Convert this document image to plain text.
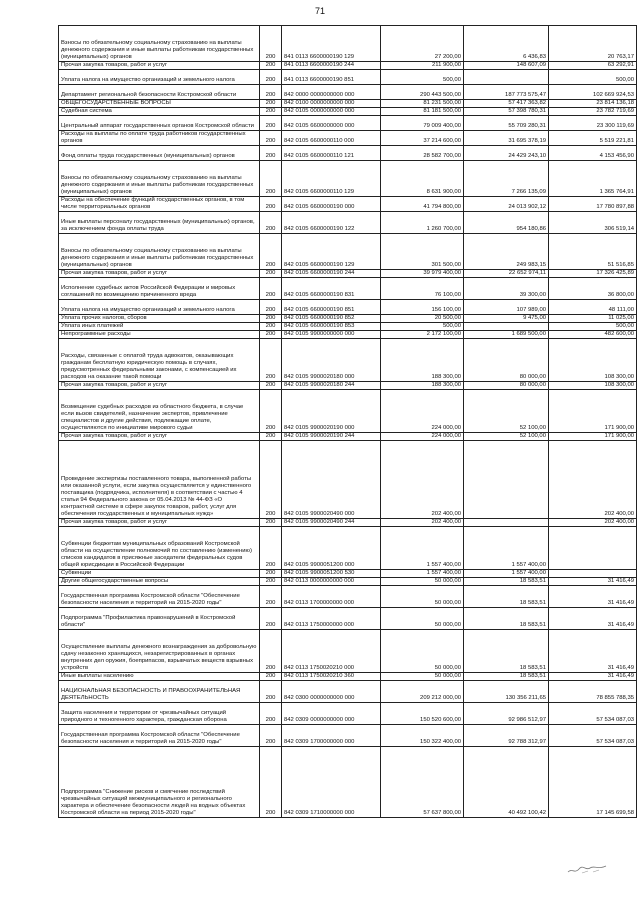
71
Взносы по обязательному социальному страхованию на выплаты денежного содержания и иные выплаты работникам государственных (муниципальных) органов	200	841 0113 6600000190 129	27 200,00	6 436,83	20 763,17
Прочая закупка товаров, работ и услуг	200	841 0113 6600000190 244	211 900,00	148 607,09	63 292,91
Уплата налога на имущество организаций и земельного налога	200	841 0113 6600000190 851	500,00		500,00
Департамент региональной безопасности Костромской области	200	842 0000 0000000000 000	290 443 500,00	187 773 575,47	102 669 924,53
ОБЩЕГОСУДАРСТВЕННЫЕ ВОПРОСЫ	200	842 0100 0000000000 000	81 231 500,00	57 417 363,82	23 814 136,18
Судебная система	200	842 0105 0000000000 000	81 181 500,00	57 398 780,31	23 782 719,69
Центральный аппарат государственных органов Костромской области	200	842 0105 6600000000 000	79 009 400,00	55 709 280,31	23 300 119,69
Расходы на выплаты по оплате труда работников государственных органов	200	842 0105 6600000110 000	37 214 600,00	31 695 378,19	5 519 221,81
Фонд оплаты труда государственных (муниципальных) органов	200	842 0105 6600000110 121	28 582 700,00	24 429 243,10	4 153 456,90
Взносы по обязательному социальному страхованию на выплаты денежного содержания и иные выплаты работникам государственных (муниципальных) органов	200	842 0105 6600000110 129	8 631 900,00	7 266 135,09	1 365 764,91
Расходы на обеспечение функций государственных органов, в том числе территориальных органов	200	842 0105 6600000190 000	41 794 800,00	24 013 902,12	17 780 897,88
Иные выплаты персоналу государственных (муниципальных) органов, за исключением фонда оплаты труда	200	842 0105 6600000190 122	1 260 700,00	954 180,86	306 519,14
Взносы по обязательному социальному страхованию на выплаты денежного содержания и иные выплаты работникам государственных (муниципальных) органов	200	842 0105 6600000190 129	301 500,00	249 983,15	51 516,85
Прочая закупка товаров, работ и услуг	200	842 0105 6600000190 244	39 979 400,00	22 652 974,11	17 326 425,89
Исполнение судебных актов Российской Федерации и мировых соглашений по возмещению причиненного вреда	200	842 0105 6600000190 831	76 100,00	39 300,00	36 800,00
Уплата налога на имущество организаций и земельного налога	200	842 0105 6600000190 851	156 100,00	107 989,00	48 111,00
Уплата прочих налогов, сборов	200	842 0105 6600000190 852	20 500,00	9 475,00	11 025,00
Уплата иных платежей	200	842 0105 6600000190 853	500,00		500,00
Непрограммные расходы	200	842 0105 9900000000 000	2 172 100,00	1 689 500,00	482 600,00
Расходы, связанные с оплатой труда адвокатов, оказывающих гражданам бесплатную юридическую помощь в случаях, предусмотренных федеральными законами, с компенсацией их расходов на оказание такой помощи	200	842 0105 9900020180 000	188 300,00	80 000,00	108 300,00
Прочая закупка товаров, работ и услуг	200	842 0105 9900020180 244	188 300,00	80 000,00	108 300,00
Возмещение судебных расходов из областного бюджета, в случае если вызов свидетелей, назначение экспертов, привлечение специалистов и другие действия, подлежащие оплате, осуществляются по инициативе мирового судьи	200	842 0105 9900020190 000	224 000,00	52 100,00	171 900,00
Прочая закупка товаров, работ и услуг	200	842 0105 9900020190 244	224 000,00	52 100,00	171 900,00
Проведение экспертизы поставленного товара, выполненной работы или оказанной услуги, если закупка осуществляется у единственного поставщика (подрядчика, исполнителя) в соответствии с частью 4 статьи 94 Федерального закона от 05.04.2013 № 44-ФЗ «О контрактной системе в сфере закупок товаров, работ, услуг для обеспечения государственных и муниципальных нужд»	200	842 0105 9900020490 000	202 400,00		202 400,00
Прочая закупка товаров, работ и услуг	200	842 0105 9900020490 244	202 400,00		202 400,00
Субвенции бюджетам муниципальных образований Костромской области на осуществление полномочий по составлению (изменению) списков кандидатов в присяжные заседатели федеральных судов общей юрисдикции в Российской Федерации	200	842 0105 9900051200 000	1 557 400,00	1 557 400,00	
Субвенции	200	842 0105 9900051200 530	1 557 400,00	1 557 400,00	
Другие общегосударственные вопросы	200	842 0113 0000000000 000	50 000,00	18 583,51	31 416,49
Государственная программа Костромской области "Обеспечение безопасности населения и территорий на 2015-2020 годы"	200	842 0113 1700000000 000	50 000,00	18 583,51	31 416,49
Подпрограмма "Профилактика правонарушений в Костромской области"	200	842 0113 1750000000 000	50 000,00	18 583,51	31 416,49
Осуществление выплаты денежного вознаграждения за добровольную сдачу незаконно хранящихся, незарегистрированных в органах внутренних дел оружия, боеприпасов, взрывчатых веществ взрывных устройств	200	842 0113 1750020210 000	50 000,00	18 583,51	31 416,49
Иные выплаты населению	200	842 0113 1750020210 360	50 000,00	18 583,51	31 416,49
НАЦИОНАЛЬНАЯ БЕЗОПАСНОСТЬ И ПРАВООХРАНИТЕЛЬНАЯ ДЕЯТЕЛЬНОСТЬ	200	842 0300 0000000000 000	209 212 000,00	130 356 211,65	78 855 788,35
Защита населения и территории от чрезвычайных ситуаций природного и техногенного характера, гражданская оборона	200	842 0309 0000000000 000	150 520 600,00	92 986 512,97	57 534 087,03
Государственная программа Костромской области "Обеспечение безопасности населения и территорий на 2015-2020 годы"	200	842 0309 1700000000 000	150 322 400,00	92 788 312,97	57 534 087,03
Подпрограмма "Снижение рисков и смягчение последствий чрезвычайных ситуаций межмуниципального и регионального характера и обеспечение безопасности людей на водных объектах Костромской области на период 2015-2020 годы"	200	842 0309 1710000000 000	57 637 800,00	40 492 100,42	17 145 699,58
